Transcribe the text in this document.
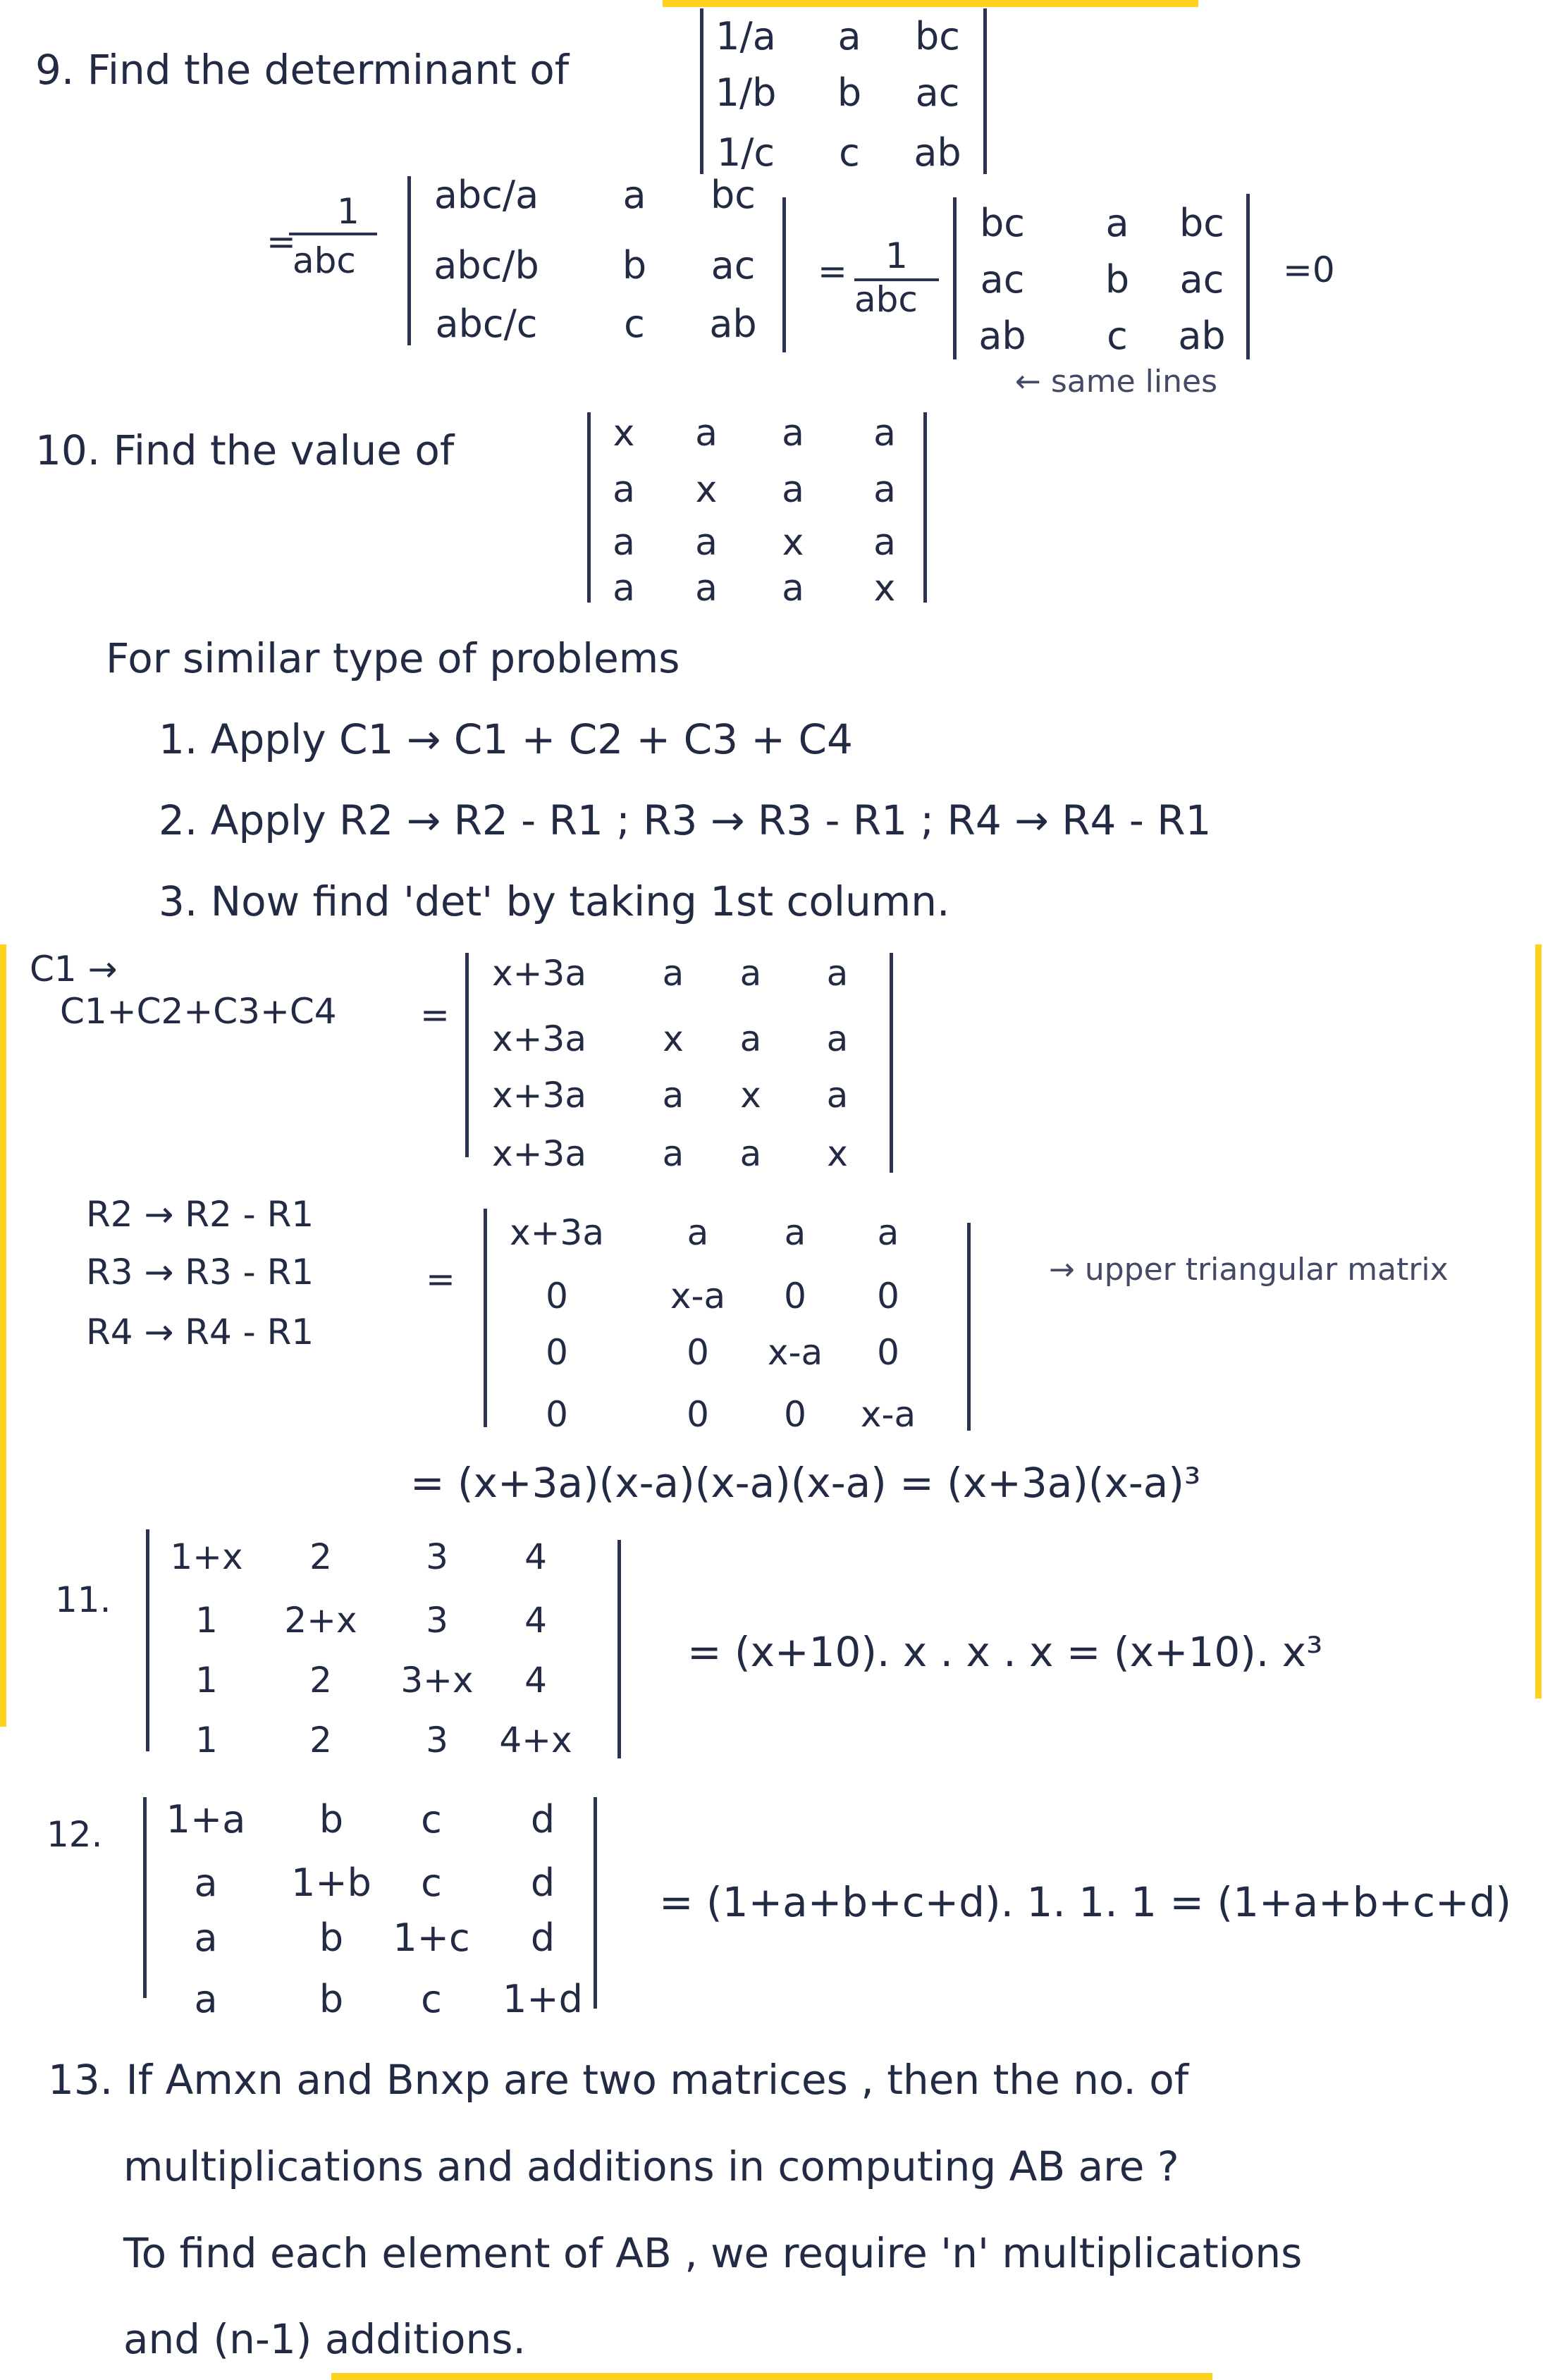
9. Find the determinant of
1/a a bc
1/b b ac
1/c c ab
=
1
abc
abc/a a bc
abc/b b ac
abc/c c ab
= 1
abc
bc a bc
ac b ac
ab c ab
=0
← same lines
10. Find the value of	x a a a
a x a a
a a x a
a a a x
For similar type of problems
1. Apply C1 → C1 + C2 + C3 + C4
2. Apply R2 → R2 - R1 ; R3 → R3 - R1 ; R4 → R4 - R1
3. Now find 'det' by taking 1st column.
C1 →
C1+C2+C3+C4 =
x+3a a a a
x+3a x a a
x+3a a x a
x+3a a a x
R2 → R2 - R1
R3 → R3 - R1
R4 → R4 - R1
=
x+3a a a a
0	x-a 0 0
0	0 x-a 0
0	0 0 x-a
→ upper triangular matrix
= (x+3a)(x-a)(x-a)(x-a) = (x+3a)(x-a)³
11.
1+x 2	3 4
1 2+x 3 4
1	2 3+x 4
1	2	3 4+x
= (x+10). x . x . x = (x+10). x³
12. 1+a b c d
a 1+b c d
a	b 1+c d
a	b c 1+d
= (1+a+b+c+d). 1. 1. 1 = (1+a+b+c+d)
13. If Amxn and Bnxp are two matrices , then the no. of
multiplications and additions in computing AB are ?
To find each element of AB , we require 'n' multiplications
and (n-1) additions.
